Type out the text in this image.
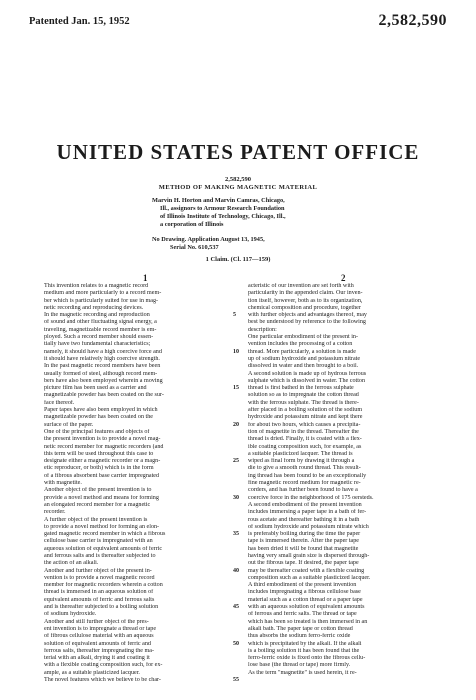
Patented Jan. 15, 1952	2,582,590
UNITED STATES PATENT OFFICE
2,582,590
METHOD OF MAKING MAGNETIC MATERIAL
Marvin H. Horton and Marvin Camras, Chicago,
Ill., assignors to Armour Research Foundation
of Illinois Institute of Technology, Chicago, Ill.,
a corporation of Illinois
No Drawing. Application August 13, 1945,
Serial No. 610,537
1 Claim. (Cl. 117—159)
1	2
This invention relates to a magnetic record
medium and more particularly to a record mem-
ber which is particularly suited for use in mag-
netic recording and reproducing devices.
In the magnetic recording and reproduction
of sound and other fluctuating signal energy, a
traveling, magnetizable record member is em-
ployed. Such a record member should essen-
tially have two fundamental characteristics;
namely, it should have a high coercive force and
it should have relatively high coercive strength.
In the past magnetic record members have been
usually formed of steel, although record mem-
bers have also been employed wherein a moving
picture film has been used as a carrier and
magnetizable powder has been coated on the sur-
face thereof.
Paper tapes have also been employed in which
magnetizable powder has been coated on the
surface of the paper.
One of the principal features and objects of
the present invention is to provide a novel mag-
netic record member for magnetic recorders (and
this term will be used throughout this case to
designate either a magnetic recorder or a magn-
etic reproducer, or both) which is in the form
of a fibrous absorbent base carrier impregnated
with magnetite.
Another object of the present invention is to
provide a novel method and means for forming
an elongated record member for a magnetic
recorder.
A further object of the present invention is
to provide a novel method for forming an elon-
gated magnetic record member in which a fibrous
cellulose base carrier is impregnated with an
aqueous solution of equivalent amounts of ferric
and ferrous salts and is thereafter subjected to
the action of an alkali.
Another and further object of the present in-
vention is to provide a novel magnetic record
member for magnetic recorders wherein a cotton
thread is immersed in an aqueous solution of
equivalent amounts of ferric and ferrous salts
and is thereafter subjected to a boiling solution
of sodium hydroxide.
Another and still further object of the pres-
ent invention is to impregnate a thread or tape
of fibrous cellulose material with an aqueous
solution of equivalent amounts of ferric and
ferrous salts, thereafter impregnating the ma-
terial with an alkali, drying it and coating it
with a flexible coating composition such, for ex-
ample, as a suitable plasticized lacquer.
The novel features which we believe to be char-
acteristic of our invention are set forth with
particularity in the appended claim. Our inven-
tion itself, however, both as to its organization,
chemical composition and procedure, together
with further objects and advantages thereof, may
best be understood by reference to the following
description:
One particular embodiment of the present in-
vention includes the processing of a cotton
thread. More particularly, a solution is made
up of sodium hydroxide and potassium nitrate
dissolved in water and then brought to a boil.
A second solution is made up of hydrous ferrous
sulphate which is dissolved in water. The cotton
thread is first bathed in the ferrous sulphate
solution so as to impregnate the cotton thread
with the ferrous sulphate. The thread is there-
after placed in a boiling solution of the sodium
hydroxide and potassium nitrate and kept there
for about two hours, which causes a precipita-
tion of magnetite in the thread. Thereafter the
thread is dried. Finally, it is coated with a flex-
ible coating composition such, for example, as
a suitable plasticized lacquer. The thread is
wiped as final form by drawing it through a
die to give a smooth round thread. This result-
ing thread has been found to be an exceptionally
fine magnetic record medium for magnetic re-
corders, and has further been found to have a
coercive force in the neighborhood of 175 oersteds.
A second embodiment of the present invention
includes immersing a paper tape in a bath of fer-
rous acetate and thereafter bathing it in a bath
of sodium hydroxide and potassium nitrate which
is preferably boiling during the time the paper
tape is immersed therein. After the paper tape
has been dried it will be found that magnetite
having very small grain size is dispersed through-
out the fibrous tape. If desired, the paper tape
may be thereafter coated with a flexible coating
composition such as a suitable plasticized lacquer.
A third embodiment of the present invention
includes impregnating a fibrous cellulose base
material such as a cotton thread or a paper tape
with an aqueous solution of equivalent amounts
of ferrous and ferric salts. The thread or tape
which has been so treated is then immersed in an
alkali bath. The paper tape or cotton thread
thus absorbs the sodium ferro-ferric oxide
which is precipitated by the alkali. If the alkali
is a boiling solution it has been found that the
ferro-ferric oxide is fixed onto the fibrous cellu-
lose base (the thread or tape) more firmly.
As the term "magnetite" is used herein, it re-
5
10
15
20
25
30
35
40
45
50
55
